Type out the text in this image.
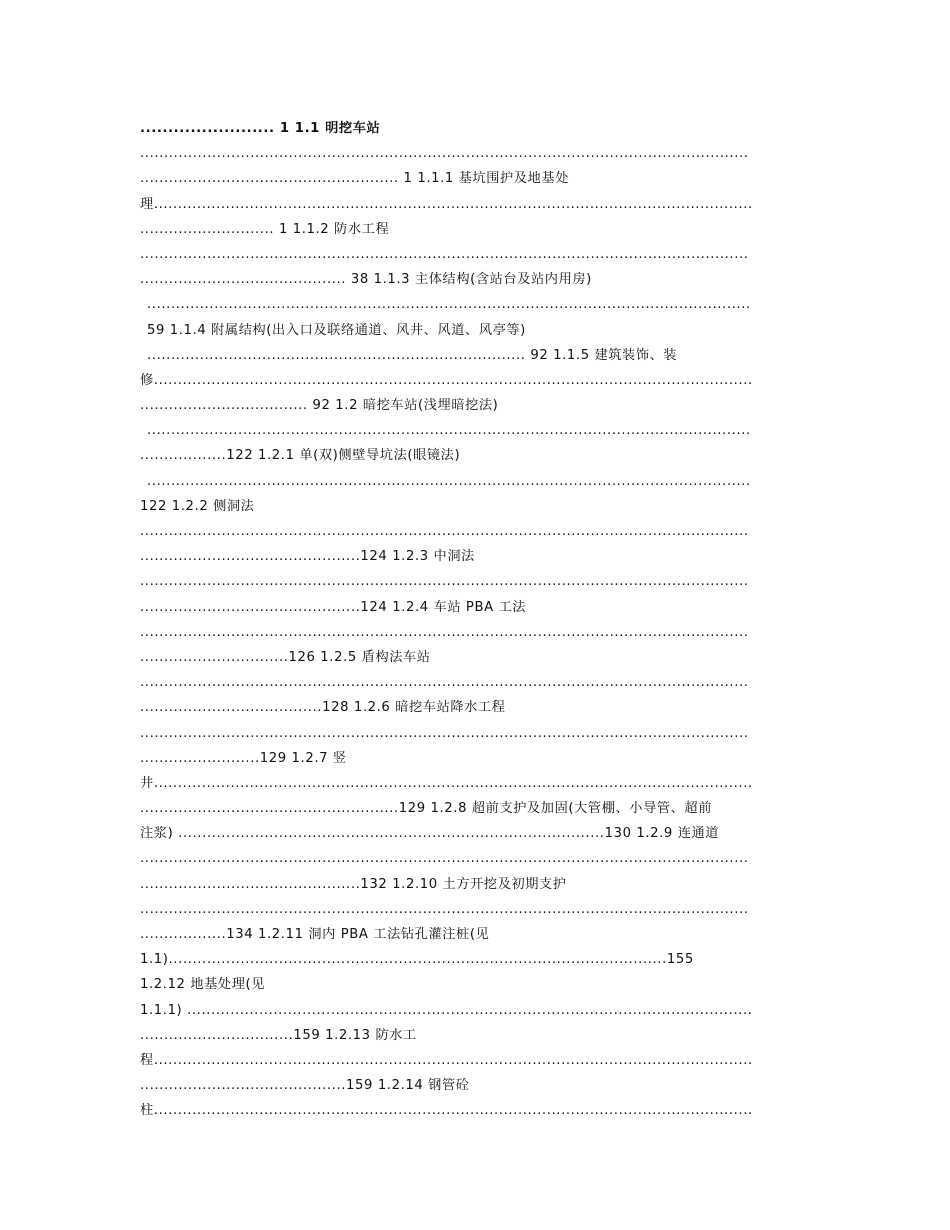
........................ 1 1.1 明挖车站
...............................................................................................................................
...................................................... 1 1.1.1 基坑围护及地基处
理.............................................................................................................................
............................ 1 1.1.2 防水工程
...............................................................................................................................
........................................... 38 1.1.3 主体结构(含站台及站内用房)
..............................................................................................................................
59 1.1.4 附属结构(出入口及联络通道、风井、风道、风亭等)
............................................................................... 92 1.1.5 建筑装饰、装
修.............................................................................................................................
................................... 92 1.2 暗挖车站(浅埋暗挖法)
..............................................................................................................................
..................122 1.2.1 单(双)侧壁导坑法(眼镜法)
..............................................................................................................................
122 1.2.2 侧洞法
...............................................................................................................................
..............................................124 1.2.3 中洞法
...............................................................................................................................
..............................................124 1.2.4 车站 PBA 工法
...............................................................................................................................
...............................126 1.2.5 盾构法车站
...............................................................................................................................
......................................128 1.2.6 暗挖车站降水工程
...............................................................................................................................
.........................129 1.2.7 竖
井.............................................................................................................................
......................................................129 1.2.8 超前支护及加固(大管棚、小导管、超前
注浆) .........................................................................................130 1.2.9 连通道
...............................................................................................................................
..............................................132 1.2.10 土方开挖及初期支护
...............................................................................................................................
..................134 1.2.11 洞内 PBA 工法钻孔灌注桩(见
1.1)........................................................................................................155
1.2.12 地基处理(见
1.1.1) ......................................................................................................................
................................159 1.2.13 防水工
程.............................................................................................................................
...........................................159 1.2.14 钢管砼
柱.............................................................................................................................
